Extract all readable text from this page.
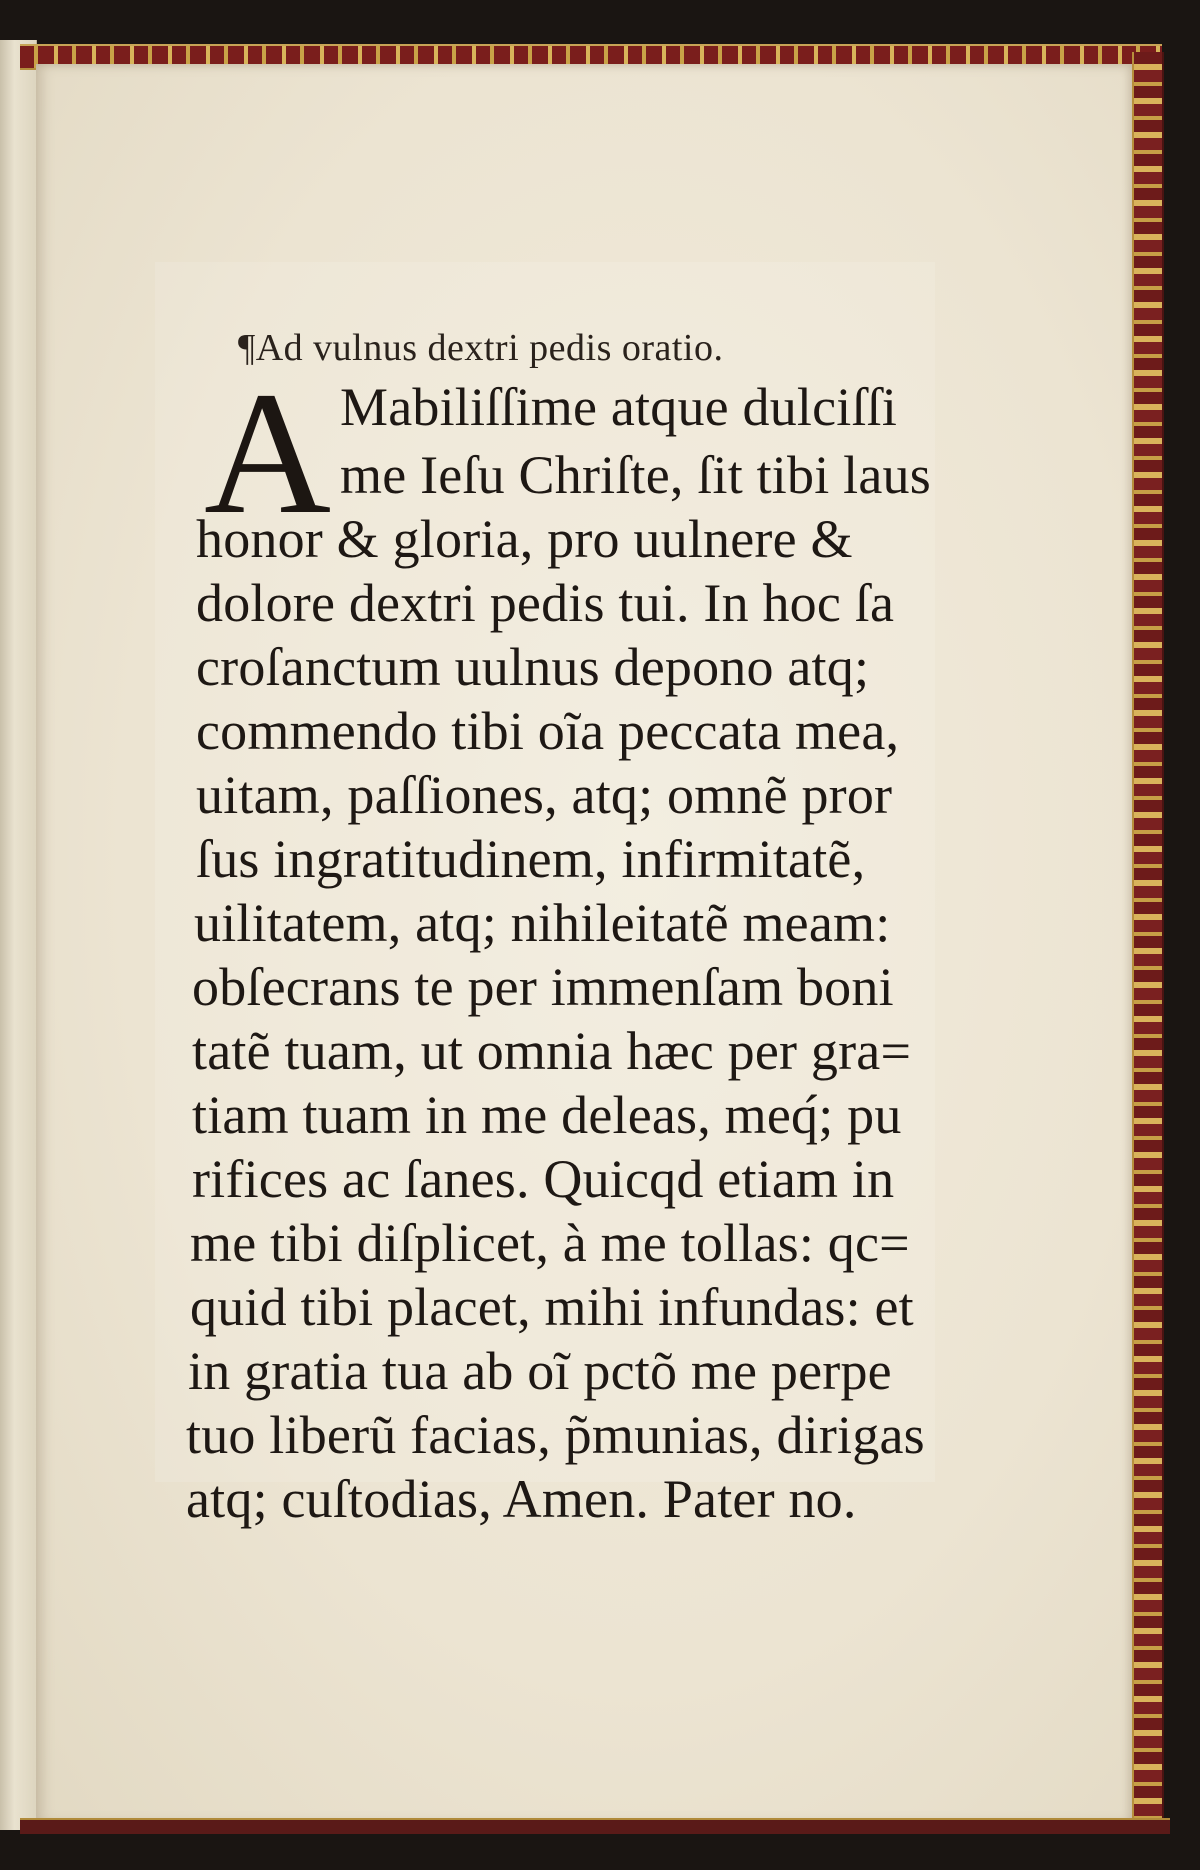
¶Ad vulnus dextri pedis oratio.
A Mabiliſſime atque dulciſſi
me Ieſu Chriſte, ſit tibi laus
honor & gloria, pro uulnere &
dolore dextri pedis tui. In hoc ſa
croſanctum uulnus depono atq;
commendo tibi oĩa peccata mea,
uitam, paſſiones, atq; omnẽ pror
ſus ingratitudinem, infirmitatẽ,
uilitatem, atq; nihileitatẽ meam:
obſecrans te per immenſam boni
tatẽ tuam, ut omnia hæc per gra=
tiam tuam in me deleas, meq́; pu
rifices ac ſanes. Quicqd etiam in
me tibi diſplicet, à me tollas: qc=
quid tibi placet, mihi infundas: et
in gratia tua ab oĩ pctõ me perpe
tuo liberũ facias, p̃munias, dirigas
atq; cuſtodias, Amen. Pater no.
